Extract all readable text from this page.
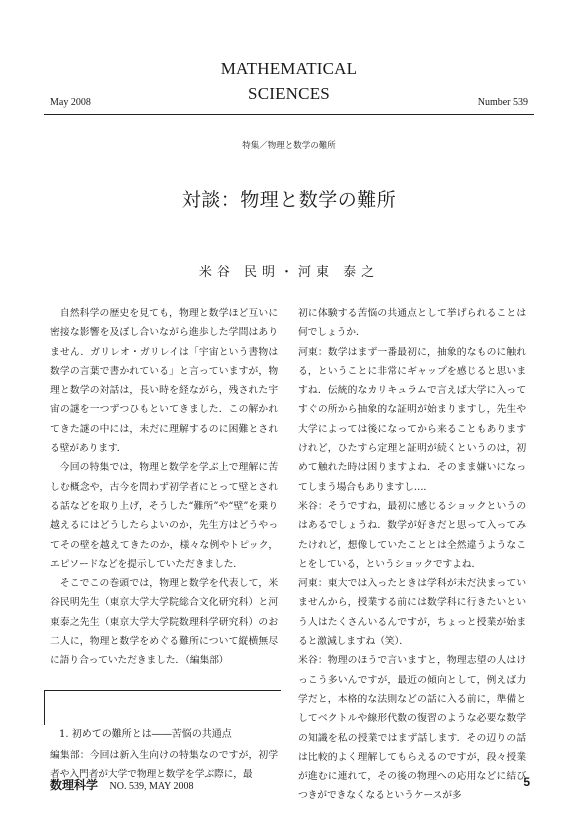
MATHEMATICAL
SCIENCES
May 2008	Number 539
特集／物理と数学の難所
対談：物理と数学の難所
米谷 民明・河東 泰之

自然科学の歴史を見ても，物理と数学ほど互いに密接な影響を及ぼし合いながら進歩した学問はありません．ガリレオ・ガリレイは「宇宙という書物は数学の言葉で書かれている」と言っていますが，物理と数学の対話は，長い時を経ながら，残された宇宙の謎を一つずつひもといてきました．この解かれてきた謎の中には，未だに理解するのに困難とされる壁があります．

今回の特集では，物理と数学を学ぶ上で理解に苦しむ概念や，古今を問わず初学者にとって壁とされる話などを取り上げ，そうした“難所”や“壁”を乗り越えるにはどうしたらよいのか，先生方はどうやってその壁を越えてきたのか，様々な例やトピック，エピソードなどを提示していただきました．

そこでこの巻頭では，物理と数学を代表して，米谷民明先生（東京大学大学院総合文化研究科）と河東泰之先生（東京大学大学院数理科学研究科）のお二人に，物理と数学をめぐる難所について縦横無尽に語り合っていただきました．（編集部）

1. 初めての難所とは――苦悩の共通点

編集部：今回は新入生向けの特集なのですが，初学者や入門者が大学で物理と数学を学ぶ際に，最

初に体験する苦悩の共通点として挙げられることは何でしょうか．

河東：数学はまず一番最初に，抽象的なものに触れる，ということに非常にギャップを感じると思いますね．伝統的なカリキュラムで言えば大学に入ってすぐの所から抽象的な証明が始まりますし，先生や大学によっては後になってから来ることもありますけれど，ひたすら定理と証明が続くというのは，初めて触れた時は困りますよね．そのまま嫌いになってしまう場合もありますし…．

米谷：そうですね，最初に感じるショックというのはあるでしょうね．数学が好きだと思って入ってみたけれど，想像していたこととは全然違うようなことをしている，というショックですよね．

河東：東大では入ったときは学科が未だ決まっていませんから，授業する前には数学科に行きたいという人はたくさんいるんですが，ちょっと授業が始まると激減しますね（笑）．

米谷：物理のほうで言いますと，物理志望の人はけっこう多いんですが，最近の傾向として，例えば力学だと，本格的な法則などの話に入る前に，準備としてベクトルや線形代数の復習のような必要な数学の知識を私の授業ではまず話します．その辺りの話は比較的よく理解してもらえるのですが，段々授業が進むに連れて，その後の物理への応用などに結びつきができなくなるというケースが多

数理科学 NO. 539, MAY 2008	5
